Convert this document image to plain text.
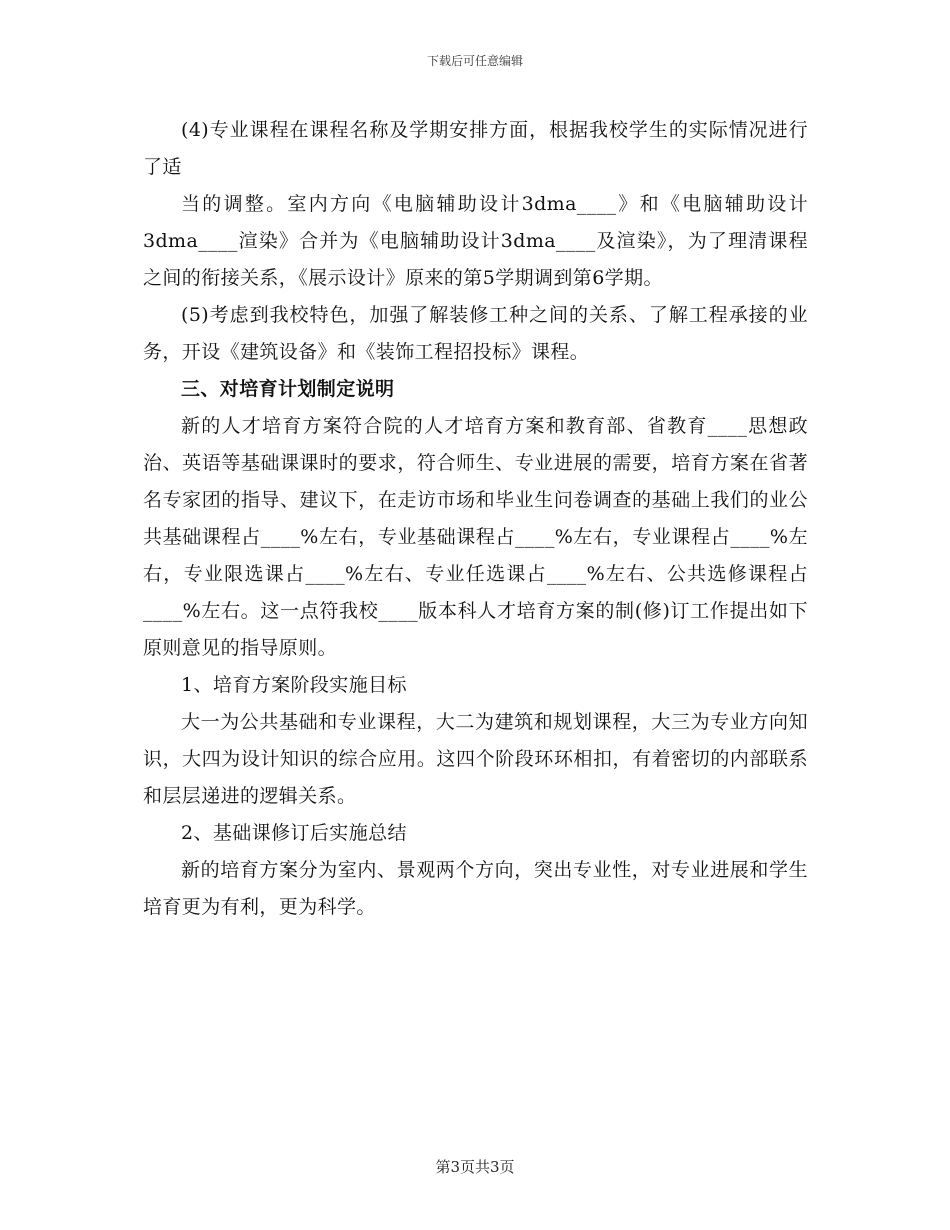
下载后可任意编辑

(4)专业课程在课程名称及学期安排方面，根据我校学生的实际情况进行了适

当的调整。室内方向《电脑辅助设计3dma____》和《电脑辅助设计3dma____渲染》合并为《电脑辅助设计3dma____及渲染》，为了理清课程之间的衔接关系，《展示设计》原来的第5学期调到第6学期。

(5)考虑到我校特色，加强了解装修工种之间的关系、了解工程承接的业务，开设《建筑设备》和《装饰工程招投标》课程。

三、对培育计划制定说明

新的人才培育方案符合院的人才培育方案和教育部、省教育____思想政治、英语等基础课课时的要求，符合师生、专业进展的需要，培育方案在省著名专家团的指导、建议下，在走访市场和毕业生问卷调查的基础上我们的业公共基础课程占____%左右，专业基础课程占____%左右，专业课程占____%左右，专业限选课占____%左右、专业任选课占____%左右、公共选修课程占____%左右。这一点符我校____版本科人才培育方案的制(修)订工作提出如下原则意见的指导原则。

1、培育方案阶段实施目标

大一为公共基础和专业课程，大二为建筑和规划课程，大三为专业方向知识，大四为设计知识的综合应用。这四个阶段环环相扣，有着密切的内部联系和层层递进的逻辑关系。

2、基础课修订后实施总结

新的培育方案分为室内、景观两个方向，突出专业性，对专业进展和学生培育更为有利，更为科学。

第3页共3页
